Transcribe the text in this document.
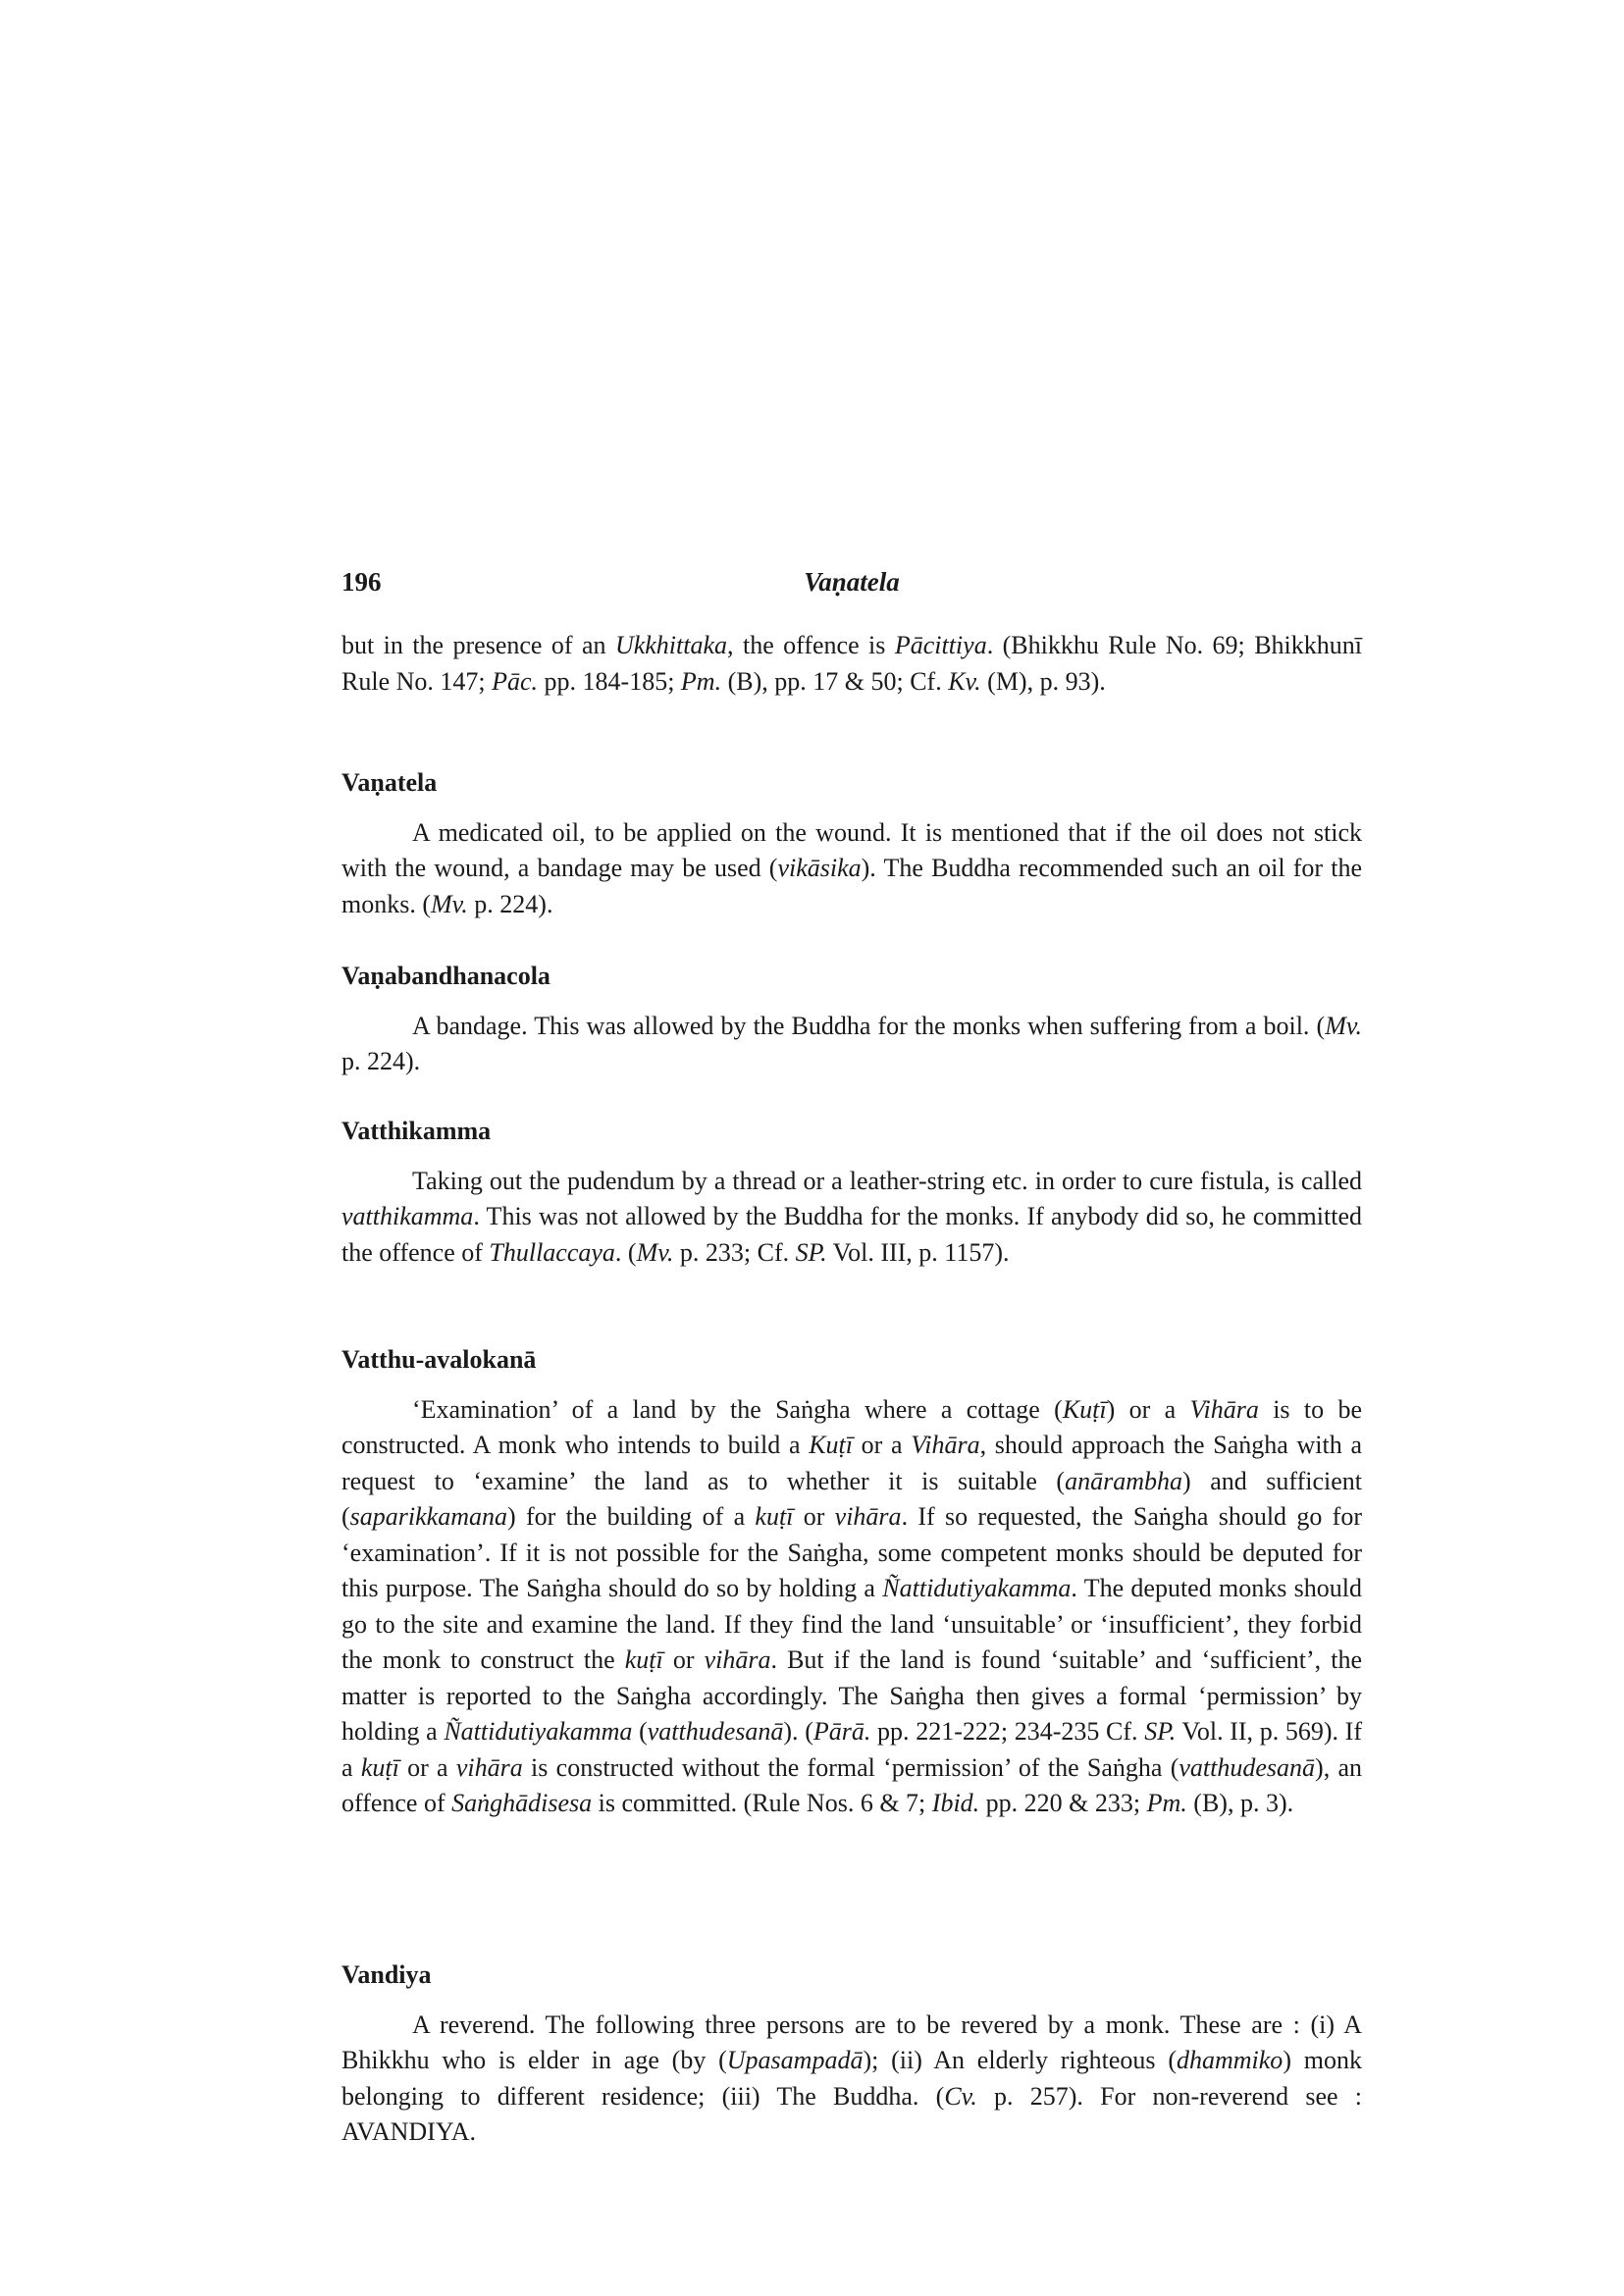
196	Vaṇatela

but in the presence of an Ukkhittaka, the offence is Pācittiya. (Bhikkhu Rule No. 69; Bhikkhunī Rule No. 147; Pāc. pp. 184-185; Pm. (B), pp. 17 & 50; Cf. Kv. (M), p. 93).

Vaṇatela

A medicated oil, to be applied on the wound. It is mentioned that if the oil does not stick with the wound, a bandage may be used (vikāsika). The Buddha recommended such an oil for the monks. (Mv. p. 224).

Vaṇabandhanacola

A bandage. This was allowed by the Buddha for the monks when suffering from a boil. (Mv. p. 224).

Vatthikamma

Taking out the pudendum by a thread or a leather-string etc. in order to cure fistula, is called vatthikamma. This was not allowed by the Buddha for the monks. If anybody did so, he committed the offence of Thullaccaya. (Mv. p. 233; Cf. SP. Vol. III, p. 1157).

Vatthu-avalokanā

‘Examination’ of a land by the Saṅgha where a cottage (Kuṭī) or a Vihāra is to be constructed. A monk who intends to build a Kuṭī or a Vihāra, should approach the Saṅgha with a request to ‘examine’ the land as to whether it is suitable (anārambha) and sufficient (saparikkamana) for the building of a kuṭī or vihāra. If so requested, the Saṅgha should go for ‘examination’. If it is not possible for the Saṅgha, some competent monks should be deputed for this purpose. The Saṅgha should do so by holding a Ñattidutiyakamma. The deputed monks should go to the site and examine the land. If they find the land ‘unsuitable’ or ‘insufficient’, they forbid the monk to construct the kuṭī or vihāra. But if the land is found ‘suitable’ and ‘sufficient’, the matter is reported to the Saṅgha accordingly. The Saṅgha then gives a formal ‘permission’ by holding a Ñattidutiyakamma (vatthudesanā). (Pārā. pp. 221-222; 234-235 Cf. SP. Vol. II, p. 569). If a kuṭī or a vihāra is constructed without the formal ‘permission’ of the Saṅgha (vatthudesanā), an offence of Saṅghādisesa is committed. (Rule Nos. 6 & 7; Ibid. pp. 220 & 233; Pm. (B), p. 3).

Vandiya

A reverend. The following three persons are to be revered by a monk. These are : (i) A Bhikkhu who is elder in age (by (Upasampadā); (ii) An elderly righteous (dhammiko) monk belonging to different residence; (iii) The Buddha. (Cv. p. 257). For non-reverend see : AVANDIYA.
